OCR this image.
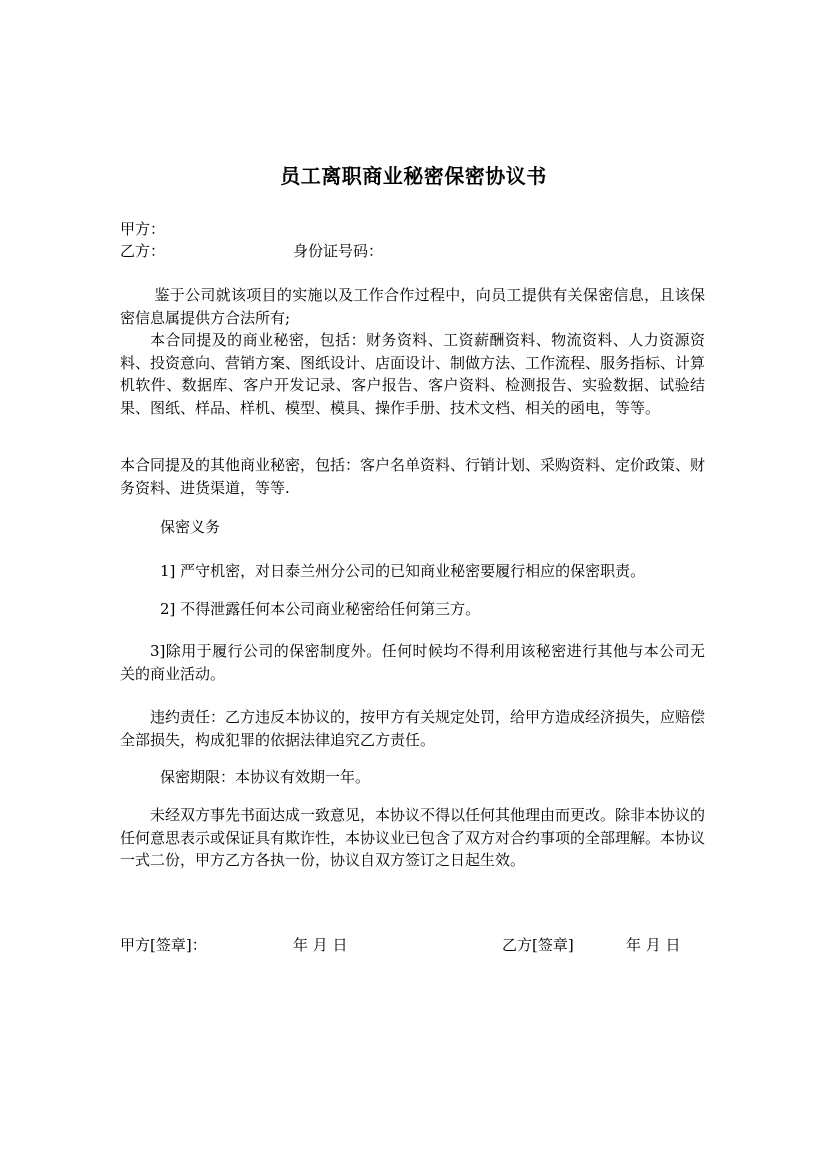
员工离职商业秘密保密协议书
甲方：
乙方：	身份证号码：

鉴于公司就该项目的实施以及工作合作过程中，向员工提供有关保密信息，且该保密信息属提供方合法所有;

本合同提及的商业秘密，包括：财务资料、工资薪酬资料、物流资料、人力资源资料、投资意向、营销方案、图纸设计、店面设计、制做方法、工作流程、服务指标、计算机软件、数据库、客户开发记录、客户报告、客户资料、检测报告、实验数据、试验结果、图纸、样品、样机、模型、模具、操作手册、技术文档、相关的函电，等等。

本合同提及的其他商业秘密，包括：客户名单资料、行销计划、采购资料、定价政策、财务资料、进货渠道，等等.
保密义务
1] 严守机密，对日泰兰州分公司的已知商业秘密要履行相应的保密职责。
2] 不得泄露任何本公司商业秘密给任何第三方。
3]除用于履行公司的保密制度外。任何时候均不得利用该秘密进行其他与本公司无关的商业活动。
违约责任：乙方违反本协议的，按甲方有关规定处罚，给甲方造成经济损失，应赔偿全部损失，构成犯罪的依据法律追究乙方责任。
保密期限：本协议有效期一年。
未经双方事先书面达成一致意见，本协议不得以任何其他理由而更改。除非本协议的任何意思表示或保证具有欺诈性，本协议业已包含了双方对合约事项的全部理解。本协议一式二份，甲方乙方各执一份，协议自双方签订之日起生效。
甲方[签章]：	年 月 日	乙方[签章]	年 月 日
